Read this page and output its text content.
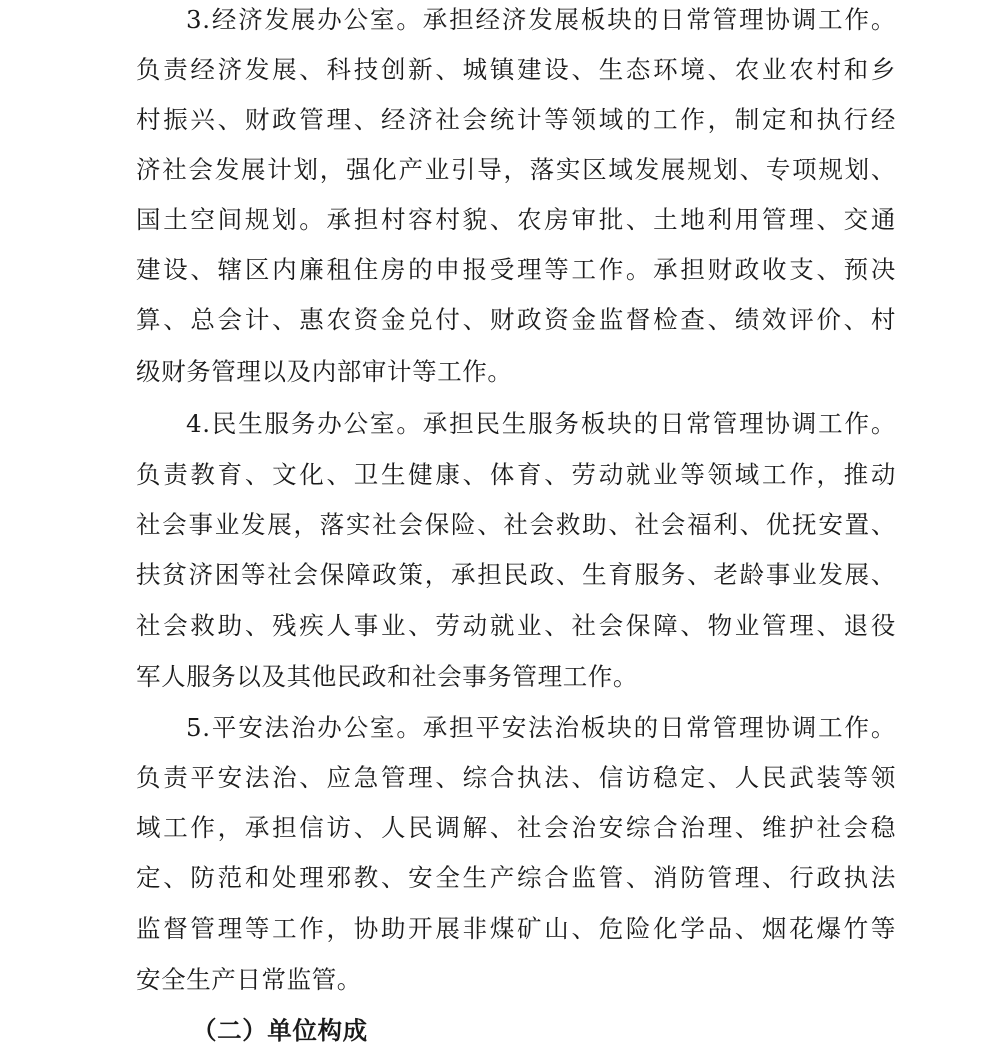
3.经济发展办公室。承担经济发展板块的日常管理协调工作。
负责经济发展、科技创新、城镇建设、生态环境、农业农村和乡
村振兴、财政管理、经济社会统计等领域的工作，制定和执行经
济社会发展计划，强化产业引导，落实区域发展规划、专项规划、
国土空间规划。承担村容村貌、农房审批、土地利用管理、交通
建设、辖区内廉租住房的申报受理等工作。承担财政收支、预决
算、总会计、惠农资金兑付、财政资金监督检查、绩效评价、村
级财务管理以及内部审计等工作。
4.民生服务办公室。承担民生服务板块的日常管理协调工作。
负责教育、文化、卫生健康、体育、劳动就业等领域工作，推动
社会事业发展，落实社会保险、社会救助、社会福利、优抚安置、
扶贫济困等社会保障政策，承担民政、生育服务、老龄事业发展、
社会救助、残疾人事业、劳动就业、社会保障、物业管理、退役
军人服务以及其他民政和社会事务管理工作。
5.平安法治办公室。承担平安法治板块的日常管理协调工作。
负责平安法治、应急管理、综合执法、信访稳定、人民武装等领
域工作，承担信访、人民调解、社会治安综合治理、维护社会稳
定、防范和处理邪教、安全生产综合监管、消防管理、行政执法
监督管理等工作，协助开展非煤矿山、危险化学品、烟花爆竹等
安全生产日常监管。
（二）单位构成
